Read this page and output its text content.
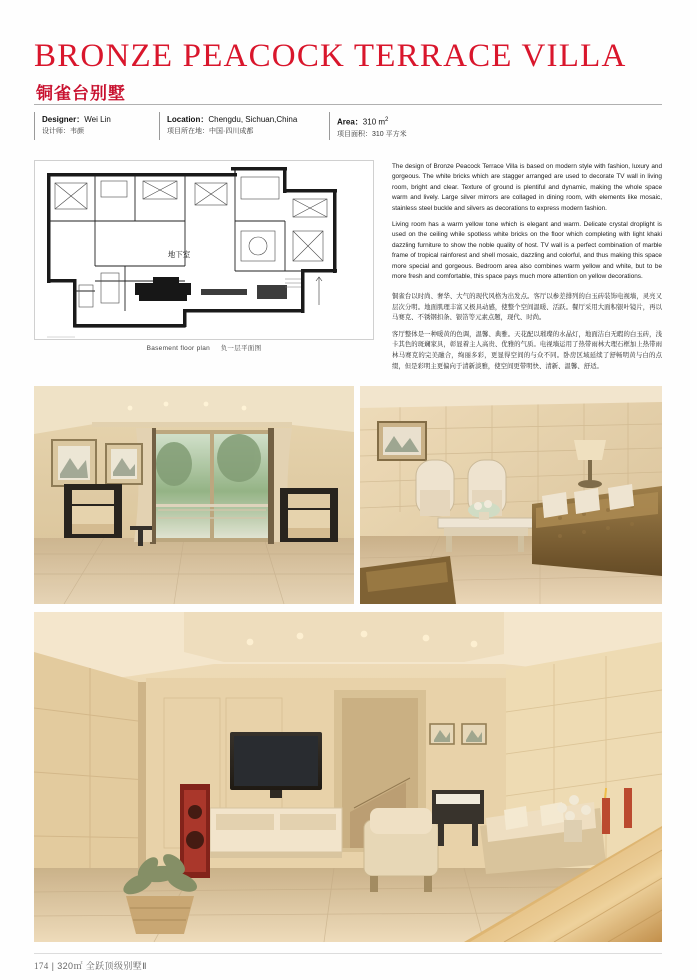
BRONZE PEACOCK TERRACE VILLA
铜雀台别墅
Designer：Wei Lin
设计师：韦颜
Location：Chengdu, Sichuan,China
项目所在地：中国·四川成都
Area：310 $m^2$
项目面积：310 平方米
地下室
Basement floor plan 负一层平面图

The design of Bronze Peacock Terrace Villa is based on modern style with fashion, luxury and gorgeous. The white bricks which are stagger arranged are used to decorate TV wall in living room, bright and clear. Texture of ground is plentiful and dynamic, making the whole space warm and lively. Large silver mirrors are collaged in dining room, with elements like mosaic, stainless steel buckle and silvers as decorations to express modern fashion.

Living room has a warm yellow tone which is elegant and warm. Delicate crystal droplight is used on the ceiling while spotless white bricks on the floor which completing with light khaki dazzling furniture to show the noble quality of host. TV wall is a perfect combination of marble frame of tropical rainforest and shell mosaic, dazzling and colorful, and thus making this space more special and gorgeous. Bedroom area also combines warm yellow and white, but to be more fresh and comfortable, this space pays much more attention on yellow decorations.

铜雀台以时尚、奢华、大气的现代风格为出发点。客厅以参差排列的白玉砖装饰电视墙，灵亮又层次分明。地面肌理丰富又极具动感，使整个空间温暖、活跃。餐厅采用大面积银叶镜片，再以马赛克、不锈钢扣条、银箔等元素点题，现代、时尚。

客厅整体是一种暖黄的色调，温馨、典雅。天花配以璀璨的水晶灯，地面洁白无暇的白玉砖，浅卡其色的斑斓家具，彰显着主人高贵、优雅的气质。电视墙运用了热带雨林大理石框加上热带雨林马赛克的完美融合，绚丽多彩，更显得空间的与众不同。卧房区域延续了舒畅明黄与白的点缀，但是彩明主更偏向于清新淡雅，使空间更带明快、清新、温馨、舒适。

174 | 320㎡ 全跃顶级别墅Ⅱ
